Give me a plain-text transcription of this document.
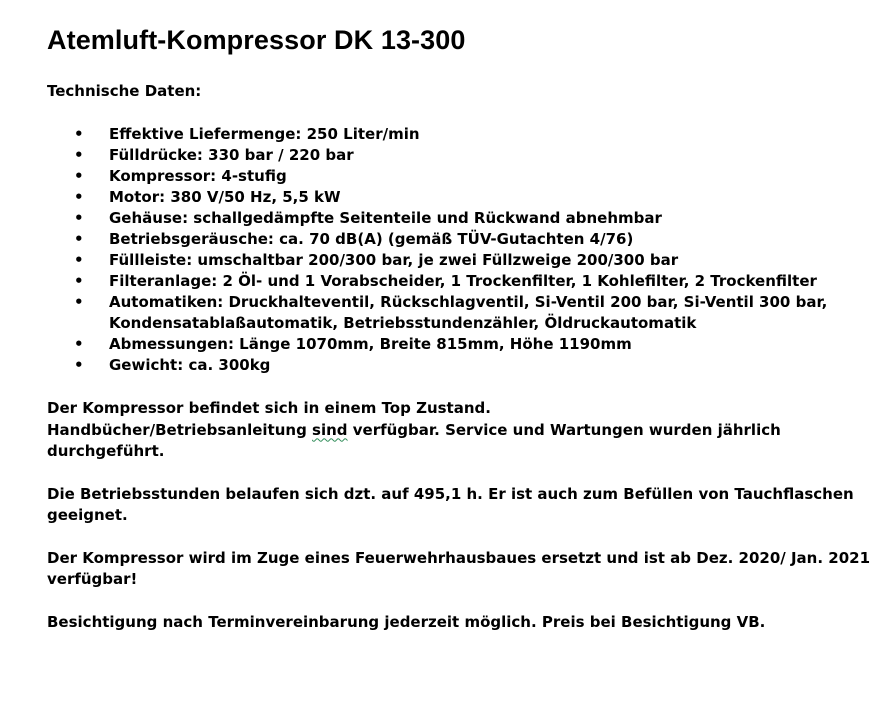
Atemluft-Kompressor DK 13-300
Technische Daten:
• Effektive Liefermenge: 250 Liter/min
• Fülldrücke: 330 bar / 220 bar
• Kompressor: 4-stufig
• Motor: 380 V/50 Hz, 5,5 kW
• Gehäuse: schallgedämpfte Seitenteile und Rückwand abnehmbar
• Betriebsgeräusche: ca. 70 dB(A) (gemäß TÜV-Gutachten 4/76)
• Füllleiste: umschaltbar 200/300 bar, je zwei Füllzweige 200/300 bar
• Filteranlage: 2 Öl- und 1 Vorabscheider, 1 Trockenfilter, 1 Kohlefilter, 2 Trockenfilter
• Automatiken: Druckhalteventil, Rückschlagventil, Si-Ventil 200 bar, Si-Ventil 300 bar, Kondensatablaßautomatik, Betriebsstundenzähler, Öldruckautomatik
• Abmessungen: Länge 1070mm, Breite 815mm, Höhe 1190mm
• Gewicht: ca. 300kg

Der Kompressor befindet sich in einem Top Zustand.
Handbücher/Betriebsanleitung sind verfügbar. Service und Wartungen wurden jährlich durchgeführt.

Die Betriebsstunden belaufen sich dzt. auf 495,1 h. Er ist auch zum Befüllen von Tauchflaschen geeignet.

Der Kompressor wird im Zuge eines Feuerwehrhausbaues ersetzt und ist ab Dez. 2020/ Jan. 2021 verfügbar!

Besichtigung nach Terminvereinbarung jederzeit möglich. Preis bei Besichtigung VB.
